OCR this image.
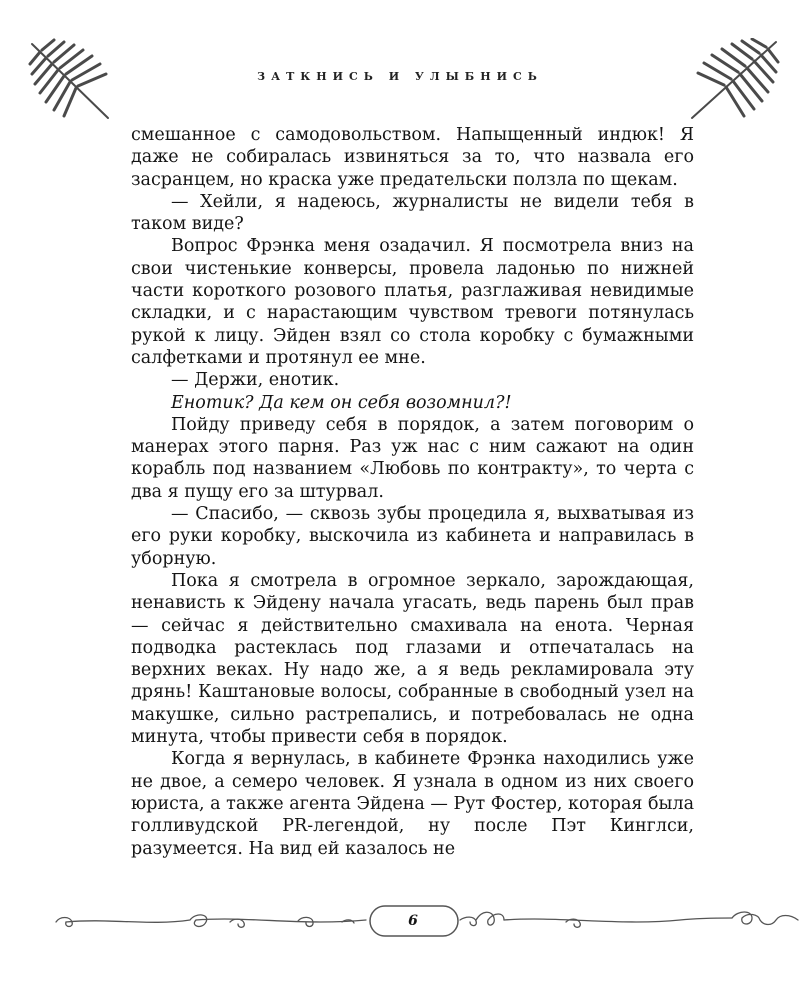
ЗАТКНИСЬ И УЛЫБНИСЬ

смешанное с самодовольством. Напыщенный индюк! Я даже не собиралась извиняться за то, что назвала его засранцем, но краска уже предательски ползла по щекам.

— Хейли, я надеюсь, журналисты не видели тебя в таком виде?

Вопрос Фрэнка меня озадачил. Я посмотрела вниз на свои чистенькие конверсы, провела ладонью по нижней части короткого розового платья, разглаживая невидимые складки, и с нарастающим чувством тревоги потянулась рукой к лицу. Эйден взял со стола коробку с бумажными салфетками и протянул ее мне.

— Держи, енотик.

Енотик? Да кем он себя возомнил?!

Пойду приведу себя в порядок, а затем поговорим о манерах этого парня. Раз уж нас с ним сажают на один корабль под названием «Любовь по контракту», то черта с два я пущу его за штурвал.

— Спасибо, — сквозь зубы процедила я, выхватывая из его руки коробку, выскочила из кабинета и направилась в уборную.

Пока я смотрела в огромное зеркало, зарождающая, ненависть к Эйдену начала угасать, ведь парень был прав — сейчас я действительно смахивала на енота. Черная подводка растеклась под глазами и отпечаталась на верхних веках. Ну надо же, а я ведь рекламировала эту дрянь! Каштановые волосы, собранные в свободный узел на макушке, сильно растрепались, и потребовалась не одна минута, чтобы привести себя в порядок.

Когда я вернулась, в кабинете Фрэнка находились уже не двое, а семеро человек. Я узнала в одном из них своего юриста, а также агента Эйдена — Рут Фостер, которая была голливудской PR-легендой, ну после Пэт Кинглси, разумеется. На вид ей казалось не

6
